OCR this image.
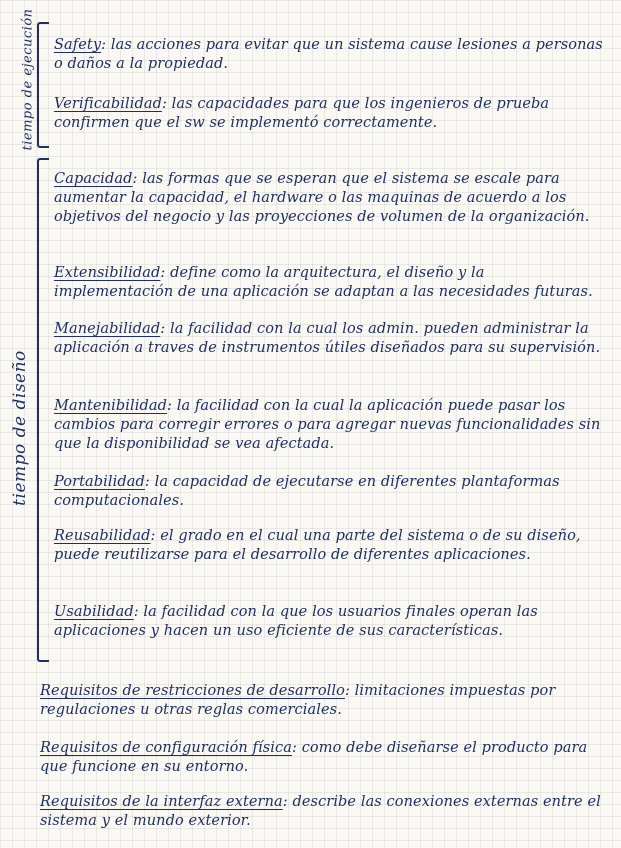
tiempo de ejecución
tiempo de diseño
Safety: las acciones para evitar que un sistema cause lesiones a personas o daños a la propiedad.
Verificabilidad: las capacidades para que los ingenieros de prueba confirmen que el sw se implementó correctamente.
Capacidad: las formas que se esperan que el sistema se escale para aumentar la capacidad, el hardware o las maquinas de acuerdo a los objetivos del negocio y las proyecciones de volumen de la organización.
Extensibilidad: define como la arquitectura, el diseño y la implementación de una aplicación se adaptan a las necesidades futuras.
Manejabilidad: la facilidad con la cual los admin. pueden administrar la aplicación a traves de instrumentos útiles diseñados para su supervisión.
Mantenibilidad: la facilidad con la cual la aplicación puede pasar los cambios para corregir errores o para agregar nuevas funcionalidades sin que la disponibilidad se vea afectada.
Portabilidad: la capacidad de ejecutarse en diferentes plantaformas computacionales.
Reusabilidad: el grado en el cual una parte del sistema o de su diseño, puede reutilizarse para el desarrollo de diferentes aplicaciones.
Usabilidad: la facilidad con la que los usuarios finales operan las aplicaciones y hacen un uso eficiente de sus características.
Requisitos de restricciones de desarrollo: limitaciones impuestas por regulaciones u otras reglas comerciales.
Requisitos de configuración física: como debe diseñarse el producto para que funcione en su entorno.
Requisitos de la interfaz externa: describe las conexiones externas entre el sistema y el mundo exterior.
